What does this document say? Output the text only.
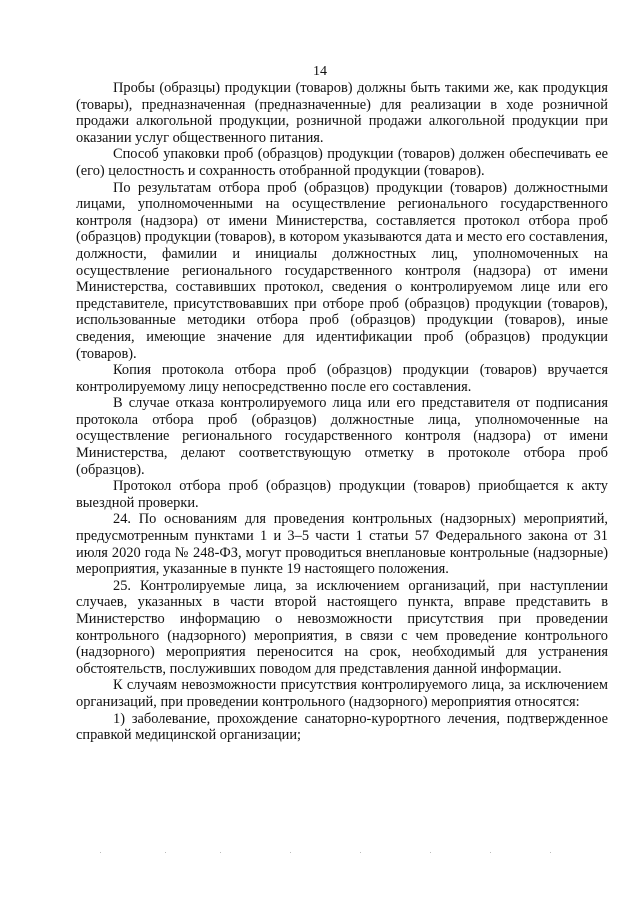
14

Пробы (образцы) продукции (товаров) должны быть такими же, как продукция (товары), предназначенная (предназначенные) для реализации в ходе розничной продажи алкогольной продукции, розничной продажи алкогольной продукции при оказании услуг общественного питания.

Способ упаковки проб (образцов) продукции (товаров) должен обеспечивать ее (его) целостность и сохранность отобранной продукции (товаров).

По результатам отбора проб (образцов) продукции (товаров) должностными лицами, уполномоченными на осуществление регионального государственного контроля (надзора) от имени Министерства, составляется протокол отбора проб (образцов) продукции (товаров), в котором указываются дата и место его составления, должности, фамилии и инициалы должностных лиц, уполномоченных на осуществление регионального государственного контроля (надзора) от имени Министерства, составивших протокол, сведения о контролируемом лице или его представителе, присутствовавших при отборе проб (образцов) продукции (товаров), использованные методики отбора проб (образцов) продукции (товаров), иные сведения, имеющие значение для идентификации проб (образцов) продукции (товаров).

Копия протокола отбора проб (образцов) продукции (товаров) вручается контролируемому лицу непосредственно после его составления.

В случае отказа контролируемого лица или его представителя от подписания протокола отбора проб (образцов) должностные лица, уполномоченные на осуществление регионального государственного контроля (надзора) от имени Министерства, делают соответствующую отметку в протоколе отбора проб (образцов).

Протокол отбора проб (образцов) продукции (товаров) приобщается к акту выездной проверки.

24. По основаниям для проведения контрольных (надзорных) мероприятий, предусмотренным пунктами 1 и 3–5 части 1 статьи 57 Федерального закона от 31 июля 2020 года № 248-ФЗ, могут проводиться внеплановые контрольные (надзорные) мероприятия, указанные в пункте 19 настоящего положения.

25. Контролируемые лица, за исключением организаций, при наступлении случаев, указанных в части второй настоящего пункта, вправе представить в Министерство информацию о невозможности присутствия при проведении контрольного (надзорного) мероприятия, в связи с чем проведение контрольного (надзорного) мероприятия переносится на срок, необходимый для устранения обстоятельств, послуживших поводом для представления данной информации.

К случаям невозможности присутствия контролируемого лица, за исключением организаций, при проведении контрольного (надзорного) мероприятия относятся:

1) заболевание, прохождение санаторно-курортного лечения, подтвержденное справкой медицинской организации;
